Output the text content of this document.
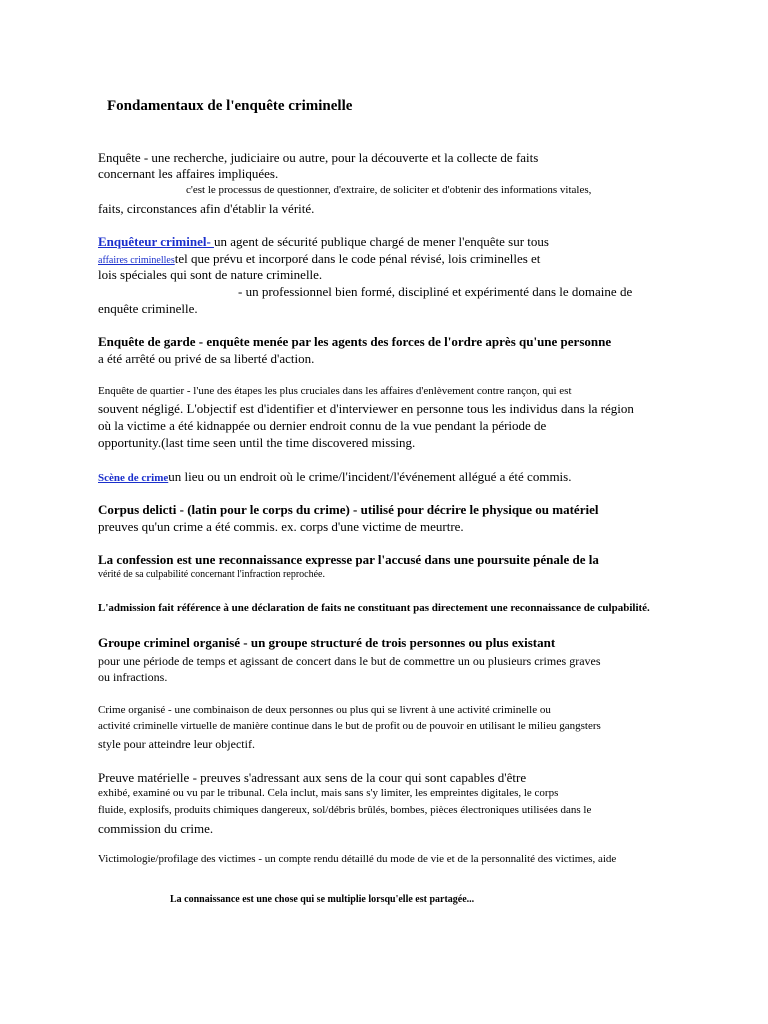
Fondamentaux de l'enquête criminelle
Enquête - une recherche, judiciaire ou autre, pour la découverte et la collecte de faits
concernant les affaires impliquées.
c'est le processus de questionner, d'extraire, de soliciter et d'obtenir des informations vitales,
faits, circonstances afin d'établir la vérité.
Enquêteur criminel- un agent de sécurité publique chargé de mener l'enquête sur tous
affaires criminellestel que prévu et incorporé dans le code pénal révisé, lois criminelles et
lois spéciales qui sont de nature criminelle.
- un professionnel bien formé, discipliné et expérimenté dans le domaine de
enquête criminelle.
Enquête de garde - enquête menée par les agents des forces de l'ordre après qu'une personne
a été arrêté ou privé de sa liberté d'action.
Enquête de quartier - l'une des étapes les plus cruciales dans les affaires d'enlèvement contre rançon, qui est
souvent négligé. L'objectif est d'identifier et d'interviewer en personne tous les individus dans la région
où la victime a été kidnappée ou dernier endroit connu de la vue pendant la période de
opportunity.(last time seen until the time discovered missing.
Scène de crimeun lieu ou un endroit où le crime/l'incident/l'événement allégué a été commis.
Corpus delicti - (latin pour le corps du crime) - utilisé pour décrire le physique ou matériel
preuves qu'un crime a été commis. ex. corps d'une victime de meurtre.
La confession est une reconnaissance expresse par l'accusé dans une poursuite pénale de la
vérité de sa culpabilité concernant l'infraction reprochée.
L'admission fait référence à une déclaration de faits ne constituant pas directement une reconnaissance de culpabilité.
Groupe criminel organisé - un groupe structuré de trois personnes ou plus existant
pour une période de temps et agissant de concert dans le but de commettre un ou plusieurs crimes graves
ou infractions.
Crime organisé - une combinaison de deux personnes ou plus qui se livrent à une activité criminelle ou
activité criminelle virtuelle de manière continue dans le but de profit ou de pouvoir en utilisant le milieu gangsters
style pour atteindre leur objectif.
Preuve matérielle - preuves s'adressant aux sens de la cour qui sont capables d'être
exhibé, examiné ou vu par le tribunal. Cela inclut, mais sans s'y limiter, les empreintes digitales, le corps
fluide, explosifs, produits chimiques dangereux, sol/débris brûlés, bombes, pièces électroniques utilisées dans le
commission du crime.
Victimologie/profilage des victimes - un compte rendu détaillé du mode de vie et de la personnalité des victimes, aide
La connaissance est une chose qui se multiplie lorsqu'elle est partagée...
